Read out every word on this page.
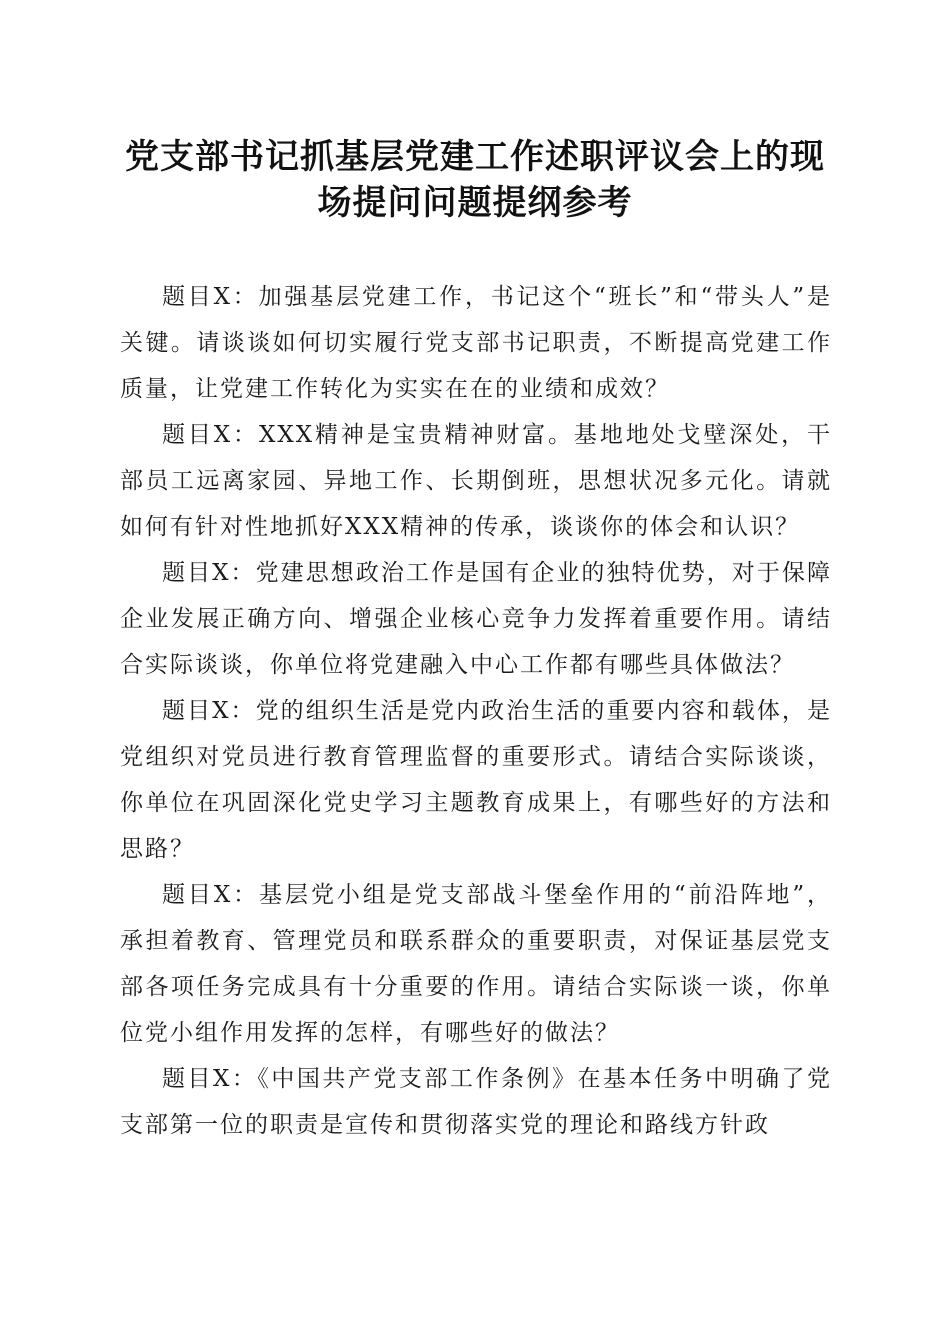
党支部书记抓基层党建工作述职评议会上的现场提问问题提纲参考

题目X：加强基层党建工作，书记这个“班长”和“带头人”是关键。请谈谈如何切实履行党支部书记职责，不断提高党建工作质量，让党建工作转化为实实在在的业绩和成效？

题目X：XXX精神是宝贵精神财富。基地地处戈壁深处，干部员工远离家园、异地工作、长期倒班，思想状况多元化。请就如何有针对性地抓好XXX精神的传承，谈谈你的体会和认识？

题目X：党建思想政治工作是国有企业的独特优势，对于保障企业发展正确方向、增强企业核心竞争力发挥着重要作用。请结合实际谈谈，你单位将党建融入中心工作都有哪些具体做法？

题目X：党的组织生活是党内政治生活的重要内容和载体，是党组织对党员进行教育管理监督的重要形式。请结合实际谈谈，你单位在巩固深化党史学习主题教育成果上，有哪些好的方法和思路？

题目X：基层党小组是党支部战斗堡垒作用的“前沿阵地”，承担着教育、管理党员和联系群众的重要职责，对保证基层党支部各项任务完成具有十分重要的作用。请结合实际谈一谈，你单位党小组作用发挥的怎样，有哪些好的做法？

题目X：《中国共产党支部工作条例》在基本任务中明确了党支部第一位的职责是宣传和贯彻落实党的理论和路线方针政
